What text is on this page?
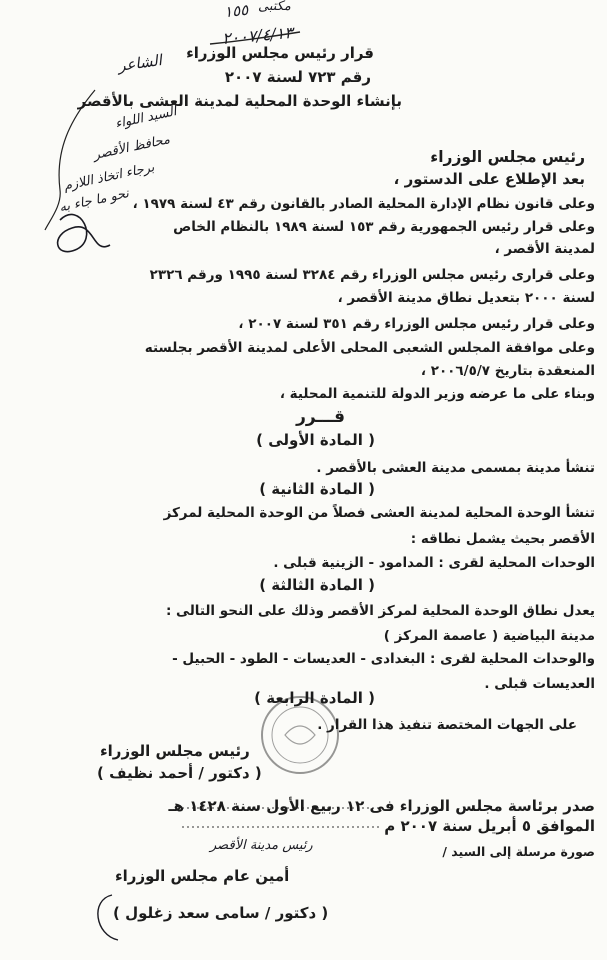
١٥٥ مكتبى
٢٠٠٧/٤/١٣
الشاعر
السيد اللواء
محافظ الأقصر
برجاء اتخاذ اللازم
نحو ما جاء به
قرار رئيس مجلس الوزراء
رقم ٧٢٣ لسنة ٢٠٠٧
بإنشاء الوحدة المحلية لمدينة العشى بالأقصر
رئيس مجلس الوزراء
بعد الإطلاع على الدستور ،
وعلى قانون نظام الإدارة المحلية الصادر بالقانون رقم ٤٣ لسنة ١٩٧٩ ،
وعلى قرار رئيس الجمهورية رقم ١٥٣ لسنة ١٩٨٩ بالنظام الخاص
لمدينة الأقصر ،
وعلى قرارى رئيس مجلس الوزراء رقم ٣٢٨٤ لسنة ١٩٩٥ ورقم ٢٣٢٦
لسنة ٢٠٠٠ بتعديل نطاق مدينة الأقصر ،
وعلى قرار رئيس مجلس الوزراء رقم ٣٥١ لسنة ٢٠٠٧ ،
وعلى موافقة المجلس الشعبى المحلى الأعلى لمدينة الأقصر بجلسته
المنعقدة بتاريخ ٢٠٠٦/٥/٧ ،
وبناء على ما عرضه وزير الدولة للتنمية المحلية ،
قـــرر
( المادة الأولى )
تنشأ مدينة بمسمى مدينة العشى بالأقصر .
( المادة الثانية )
تنشأ الوحدة المحلية لمدينة العشى فصلاً من الوحدة المحلية لمركز
الأقصر بحيث يشمل نطاقه :
الوحدات المحلية لقرى : المدامود - الزينية قبلى .
( المادة الثالثة )
يعدل نطاق الوحدة المحلية لمركز الأقصر وذلك على النحو التالى :
مدينة البياضية ( عاصمة المركز )
والوحدات المحلية لقرى : البغدادى - العديسات - الطود - الحبيل -
العديسات قبلى .
( المادة الرابعة )
على الجهات المختصة تنفيذ هذا القرار .
رئيس مجلس الوزراء
( دكتور / أحمد نظيف )
صدر برئاسة مجلس الوزراء فى ١٢ ربيع الأول سنة ١٤٢٨ هـ
الموافق ٥ أبريل سنة ٢٠٠٧ م
صورة مرسلة إلى السيد /
رئيس مدينة الأقصر
أمين عام مجلس الوزراء
( دكتور / سامى سعد زغلول )
